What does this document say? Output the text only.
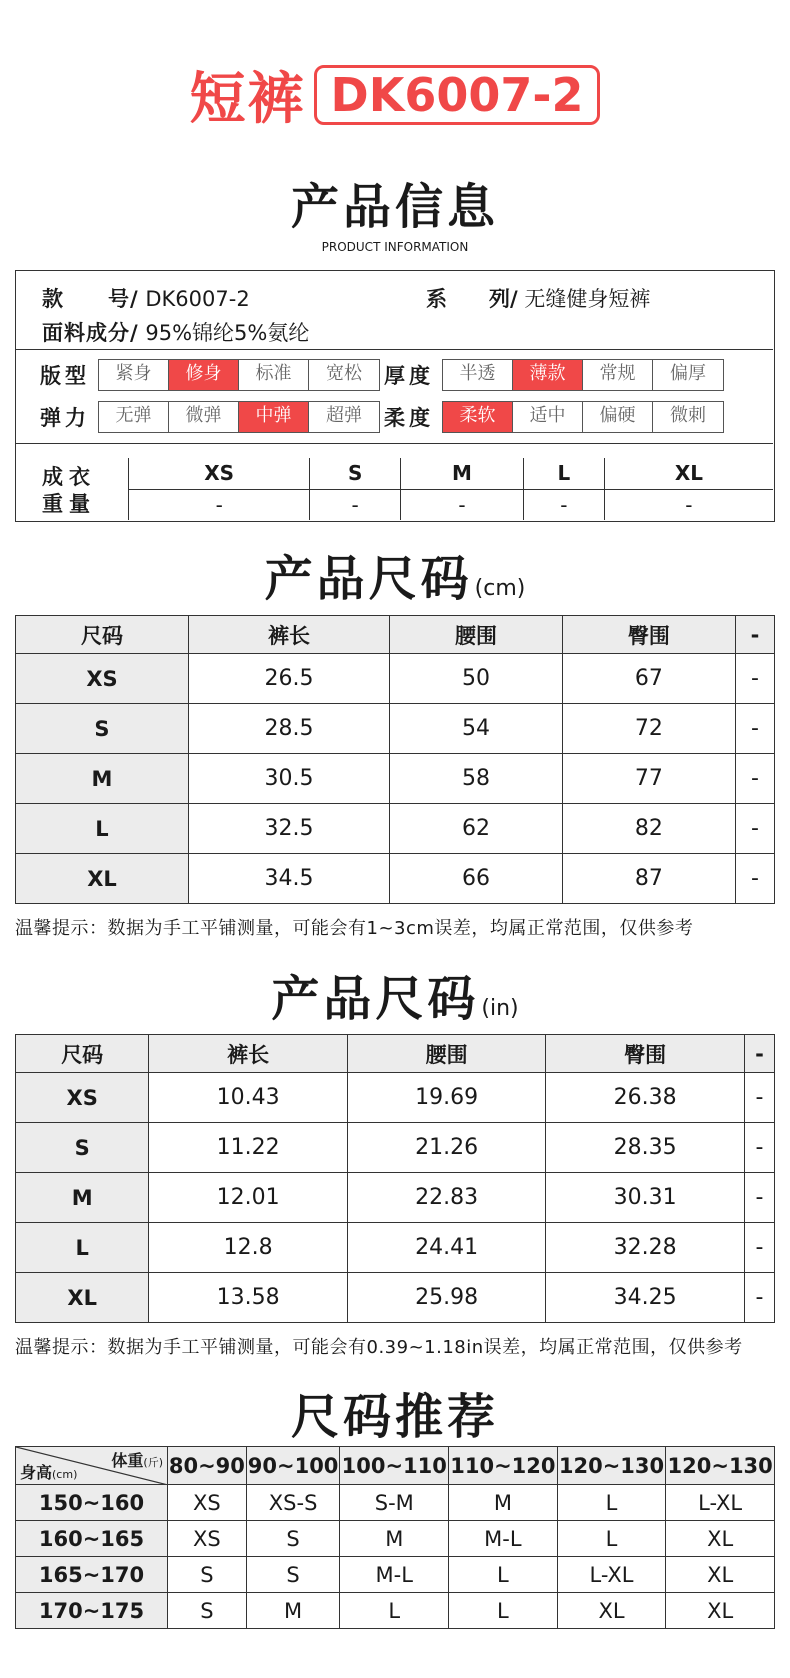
短裤 DK6007-2
产品信息
PRODUCT INFORMATION
款　　号/ DK6007-2	系　　列/ 无缝健身短裤
面料成分/ 95%锦纶5%氨纶
版型	紧身	修身	标准	宽松	厚度	半透	薄款	常规	偏厚
弹力	无弹	微弹	中弹	超弹	柔度	柔软	适中	偏硬	微刺
成衣
重量
XS	S	M	L	XL
-	-	-	-	-
产品尺码(cm)
尺码	裤长	腰围	臀围	-
XS	26.5	50	67	-
S	28.5	54	72	-
M	30.5	58	77	-
L	32.5	62	82	-
XL	34.5	66	87	-
温馨提示：数据为手工平铺测量，可能会有1~3cm误差，均属正常范围，仅供参考
产品尺码(in)
尺码	裤长	腰围	臀围	-
XS	10.43	19.69	26.38	-
S	11.22	21.26	28.35	-
M	12.01	22.83	30.31	-
L	12.8	24.41	32.28	-
XL	13.58	25.98	34.25	-
温馨提示：数据为手工平铺测量，可能会有0.39~1.18in误差，均属正常范围，仅供参考
尺码推荐
体重(斤)
身高(cm)	80~90	90~100	100~110	110~120	120~130	120~130
150~160	XS	XS-S	S-M	M	L	L-XL
160~165	XS	S	M	M-L	L	XL
165~170	S	S	M-L	L	L-XL	XL
170~175	S	M	L	L	XL	XL
